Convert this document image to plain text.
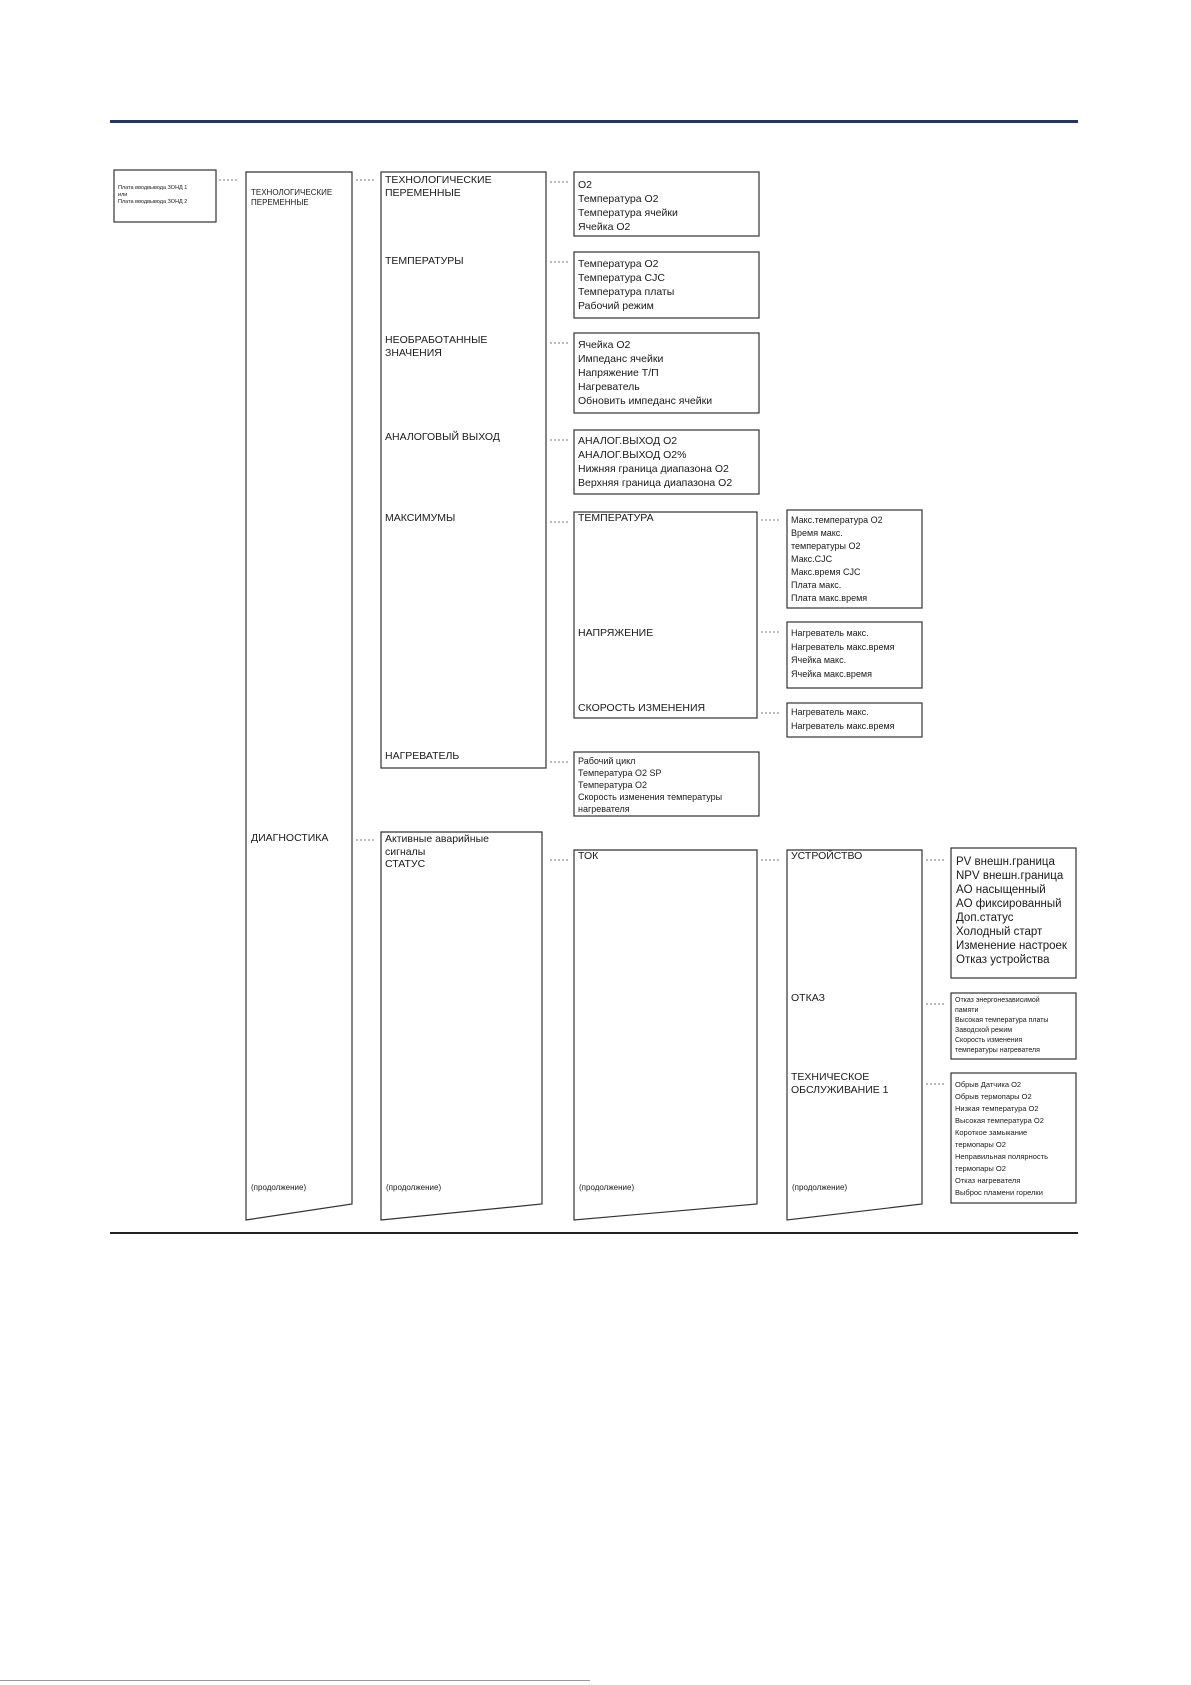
Плата вводвывода ЗОНД 1
или
Плата вводвывода ЗОНД 2
ТЕХНОЛОГИЧЕСКИЕ ПЕРЕМЕННЫЕ
ДИАГНОСТИКА
(продолжение)
ТЕХНОЛОГИЧЕСКИЕ ПЕРЕМЕННЫЕ
ТЕМПЕРАТУРЫ
НЕОБРАБОТАННЫЕ ЗНАЧЕНИЯ
АНАЛОГОВЫЙ ВЫХОД
МАКСИМУМЫ
НАГРЕВАТЕЛЬ
Активные аварийные
сигналы
СТАТУС
(продолжение)
O2
Температура O2
Температура ячейки
Ячейка O2
Температура O2
Температура CJC
Температура платы
Рабочий режим
Ячейка O2
Импеданс ячейки
Напряжение Т/П
Нагреватель
Обновить импеданс ячейки
АНАЛОГ.ВЫХОД O2
АНАЛОГ.ВЫХОД O2%
Нижняя граница диапазона O2
Верхняя граница диапазона O2
ТЕМПЕРАТУРА
НАПРЯЖЕНИЕ
СКОРОСТЬ ИЗМЕНЕНИЯ
Макс.температура O2
Время макс.
температуры O2
Макс.CJC
Макс.время CJC
Плата макс.
Плата макс.время
Нагреватель макс.
Нагреватель макс.время
Ячейка макс.
Ячейка макс.время
Нагреватель макс.
Нагреватель макс.время
Рабочий цикл
Температура O2 SP
Температура O2
Скорость изменения температуры
нагревателя
ТОК
(продолжение)
УСТРОЙСТВО
ОТКАЗ
ТЕХНИЧЕСКОЕ ОБСЛУЖИВАНИЕ 1
(продолжение)
PV внешн.граница
NPV внешн.граница
AO насыщенный
AO фиксированный
Доп.статус
Холодный старт
Изменение настроек
Отказ устройства
Отказ энергонезависимой
памяти
Высокая температура платы
Заводской режим
Скорость изменения
температуры нагревателя
Обрыв Датчика O2
Обрыв термопары O2
Низкая температура O2
Высокая температура O2
Короткое замыкание
термопары O2
Неправильная полярность
термопары O2
Отказ нагревателя
Выброс пламени горелки
